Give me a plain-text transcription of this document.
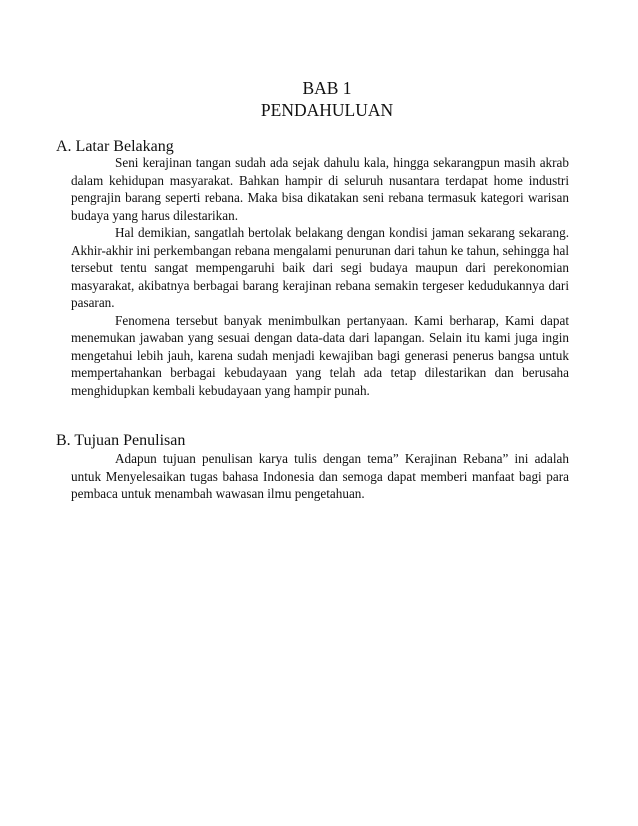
BAB 1
PENDAHULUAN
A. Latar Belakang

Seni kerajinan tangan sudah ada sejak dahulu kala, hingga sekarangpun masih akrab dalam kehidupan masyarakat. Bahkan hampir di seluruh nusantara terdapat home industri pengrajin barang seperti rebana. Maka bisa dikatakan seni rebana termasuk kategori warisan budaya yang harus dilestarikan.

Hal demikian, sangatlah bertolak belakang dengan kondisi jaman sekarang sekarang. Akhir-akhir ini perkembangan rebana mengalami penurunan dari tahun ke tahun, sehingga hal tersebut tentu sangat mempengaruhi baik dari segi budaya maupun dari perekonomian masyarakat, akibatnya berbagai barang kerajinan rebana semakin tergeser kedudukannya dari pasaran.

Fenomena tersebut banyak menimbulkan pertanyaan. Kami berharap, Kami dapat menemukan jawaban yang sesuai dengan data-data dari lapangan. Selain itu kami juga ingin mengetahui lebih jauh, karena sudah menjadi kewajiban bagi generasi penerus bangsa untuk mempertahankan berbagai kebudayaan yang telah ada tetap dilestarikan dan berusaha menghidupkan kembali kebudayaan yang hampir punah.

B. Tujuan Penulisan

Adapun tujuan penulisan karya tulis dengan tema” Kerajinan Rebana” ini adalah untuk Menyelesaikan tugas bahasa Indonesia dan semoga dapat memberi manfaat bagi para pembaca untuk menambah wawasan ilmu pengetahuan.
